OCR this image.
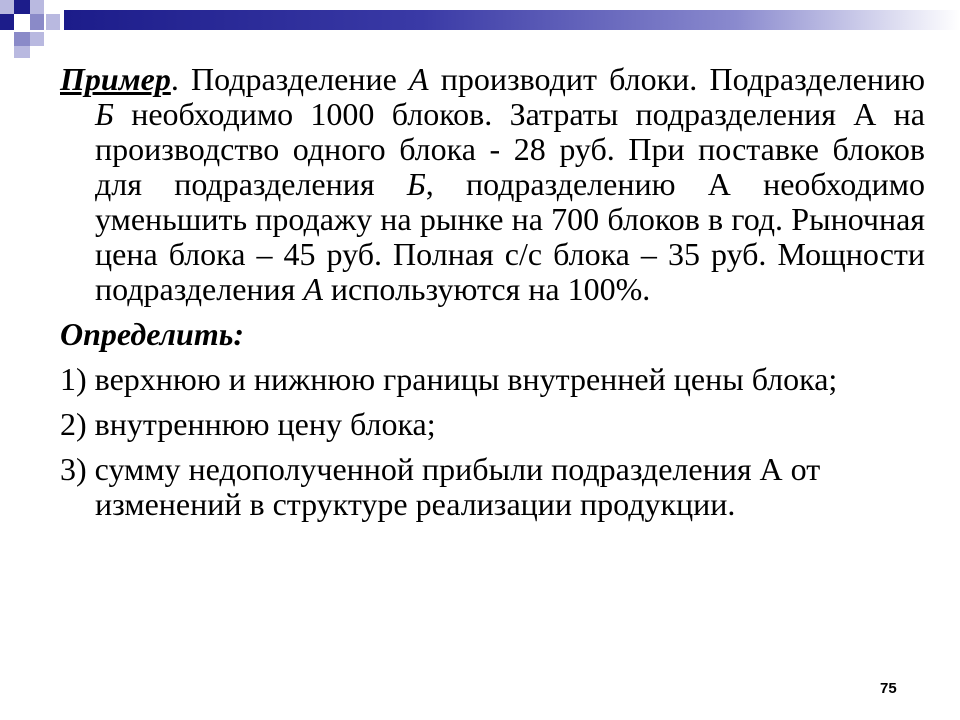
Пример. Подразделение А производит блоки. Подразделению Б необходимо 1000 блоков. Затраты подразделения А на производство одного блока - 28 руб. При поставке блоков для подразделения Б, подразделению А необходимо уменьшить продажу на рынке на 700 блоков в год. Рыночная цена блока – 45 руб. Полная с/с блока – 35 руб. Мощности подразделения А используются на 100%.

Определить:

1) верхнюю и нижнюю границы внутренней цены блока;

2) внутреннюю цену блока;

3) сумму недополученной прибыли подразделения А от изменений в структуре реализации продукции.

75
